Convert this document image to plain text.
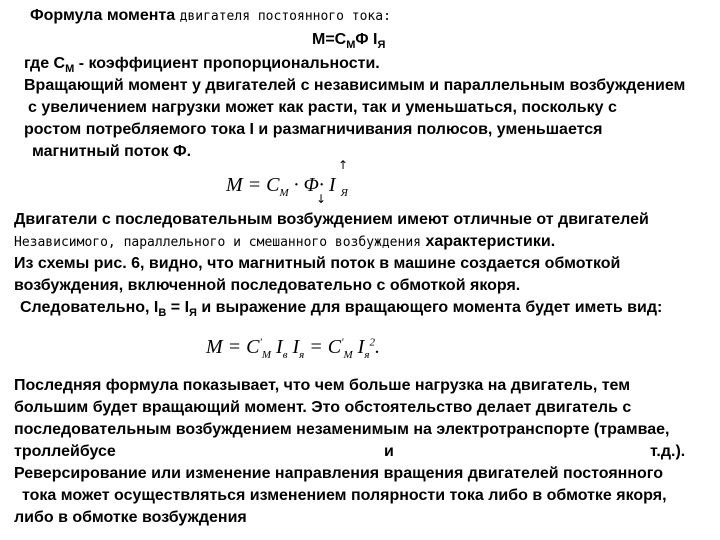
Формула момента двигателя постоянного тока:
$M=C_M\Phi$ $I_Я$
где $C_M$ - коэффициент пропорциональности.
Вращающий момент у двигателей с независимым и параллельным возбуждением
с увеличением нагрузки может как расти, так и уменьшаться, поскольку с
ростом потребляемого тока I и размагничивания полюсов, уменьшается
магнитный поток Ф.
↑
$M = C_M \cdot \Phi\cdot I$ $_Я$
↓
Двигатели с последовательным возбуждением имеют отличные от двигателей
Независимого, параллельного и смешанного возбуждения характеристики.
Из схемы рис. 6, видно, что магнитный поток в машине создается обмоткой
возбуждения, включенной последовательно с обмоткой якоря.
Следовательно, $I_В = I_Я$ и выражение для вращающего момента будет иметь вид:
$M = C'_M$ $I_в$ $I_я = C'_M$ $I_я^2$.
Последняя формула показывает, что чем больше нагрузка на двигатель, тем
большим будет вращающий момент. Это обстоятельство делает двигатель с
последовательным возбуждением незаменимым на электротранспорте (трамвае,
троллейбусе	и	т.д.).
Реверсирование или изменение направления вращения двигателей постоянного
тока может осуществляться изменением полярности тока либо в обмотке якоря,
либо в обмотке возбуждения
